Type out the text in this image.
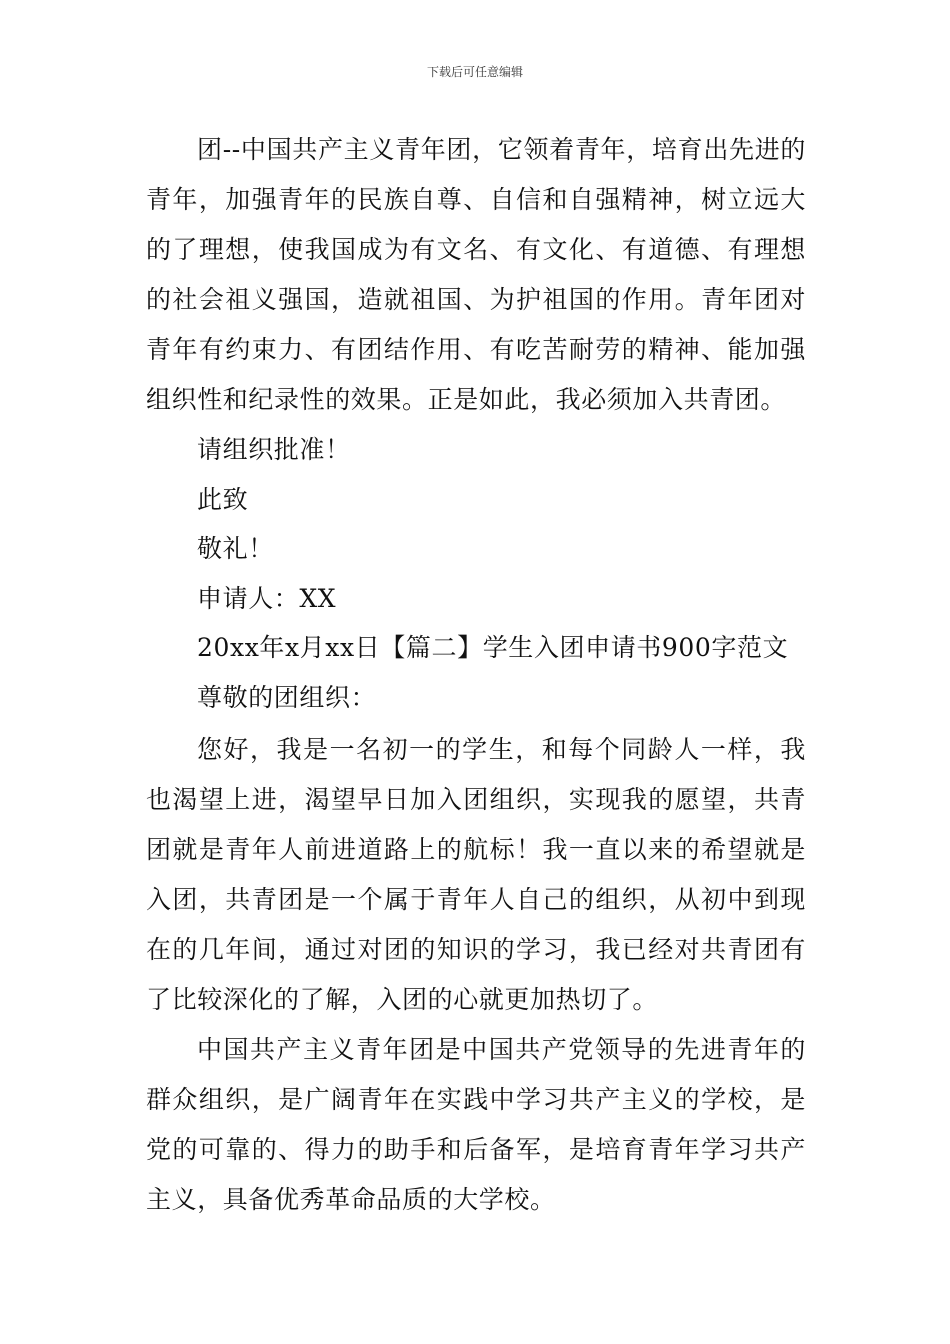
下载后可任意编辑

团--中国共产主义青年团，它领着青年，培育出先进的青年，加强青年的民族自尊、自信和自强精神，树立远大的了理想，使我国成为有文名、有文化、有道德、有理想的社会祖义强国，造就祖国、为护祖国的作用。青年团对青年有约束力、有团结作用、有吃苦耐劳的精神、能加强组织性和纪录性的效果。正是如此，我必须加入共青团。

请组织批准！

此致

敬礼！

申请人：XX

20xx年x月xx日【篇二】学生入团申请书900字范文

尊敬的团组织：

您好，我是一名初一的学生，和每个同龄人一样，我也渴望上进，渴望早日加入团组织，实现我的愿望，共青团就是青年人前进道路上的航标！我一直以来的希望就是入团，共青团是一个属于青年人自己的组织，从初中到现在的几年间，通过对团的知识的学习，我已经对共青团有了比较深化的了解，入团的心就更加热切了。

中国共产主义青年团是中国共产党领导的先进青年的群众组织，是广阔青年在实践中学习共产主义的学校，是党的可靠的、得力的助手和后备军，是培育青年学习共产主义，具备优秀革命品质的大学校。
